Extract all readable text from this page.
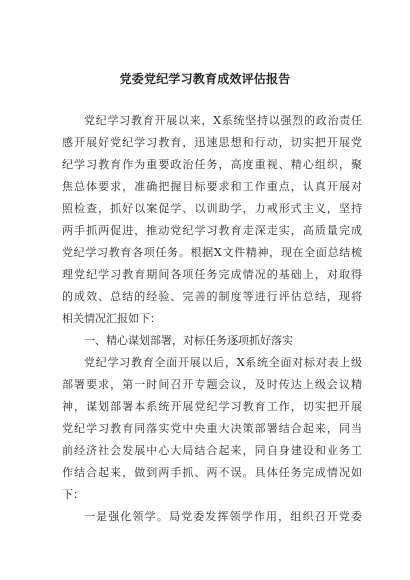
党委党纪学习教育成效评估报告
党纪学习教育开展以来，X系统坚持以强烈的政治责任
感开展好党纪学习教育，迅速思想和行动，切实把开展党
纪学习教育作为重要政治任务，高度重视、精心组织，聚
焦总体要求，准确把握目标要求和工作重点，认真开展对
照检查，抓好以案促学、以训助学，力戒形式主义，坚持
两手抓两促进，推动党纪学习教育走深走实，高质量完成
党纪学习教育各项任务。根据X文件精神，现在全面总结梳
理党纪学习教育期间各项任务完成情况的基础上，对取得
的成效、总结的经验、完善的制度等进行评估总结，现将
相关情况汇报如下：
一、精心谋划部署，对标任务逐项抓好落实
党纪学习教育全面开展以后，X系统全面对标对表上级
部署要求，第一时间召开专题会议，及时传达上级会议精
神，谋划部署本系统开展党纪学习教育工作，切实把开展
党纪学习教育同落实党中央重大决策部署结合起来，同当
前经济社会发展中心大局结合起来，同自身建设和业务工
作结合起来，做到两手抓、两不误。具体任务完成情况如
下：
一是强化领学。局党委发挥领学作用，组织召开党委
